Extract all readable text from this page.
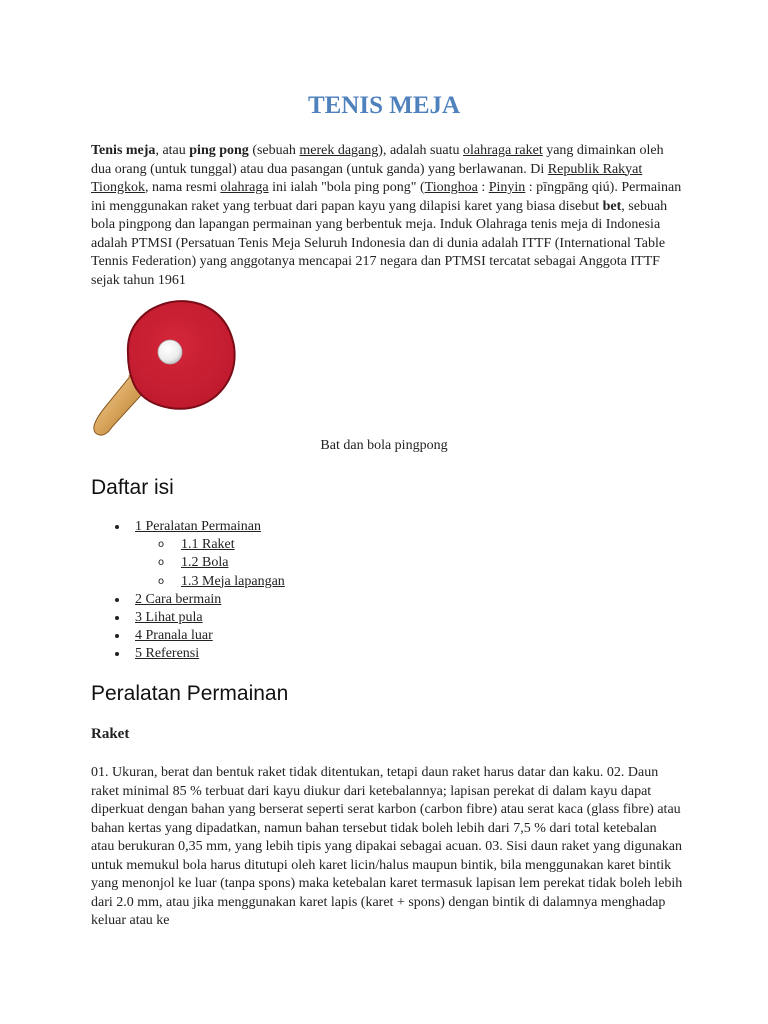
TENIS MEJA

Tenis meja, atau ping pong (sebuah merek dagang), adalah suatu olahraga raket yang dimainkan oleh dua orang (untuk tunggal) atau dua pasangan (untuk ganda) yang berlawanan. Di Republik Rakyat Tiongkok, nama resmi olahraga ini ialah "bola ping pong" (Tionghoa : Pinyin : pīngpāng qiú). Permainan ini menggunakan raket yang terbuat dari papan kayu yang dilapisi karet yang biasa disebut bet, sebuah bola pingpong dan lapangan permainan yang berbentuk meja. Induk Olahraga tenis meja di Indonesia adalah PTMSI (Persatuan Tenis Meja Seluruh Indonesia dan di dunia adalah ITTF (International Table Tennis Federation) yang anggotanya mencapai 217 negara dan PTMSI tercatat sebagai Anggota ITTF sejak tahun 1961

Bat dan bola pingpong
Daftar isi
1 Peralatan Permainan
o 1.1 Raket
o 1.2 Bola
o 1.3 Meja lapangan
2 Cara bermain
3 Lihat pula
4 Pranala luar
5 Referensi
Peralatan Permainan
Raket

01. Ukuran, berat dan bentuk raket tidak ditentukan, tetapi daun raket harus datar dan kaku. 02. Daun raket minimal 85 % terbuat dari kayu diukur dari ketebalannya; lapisan perekat di dalam kayu dapat diperkuat dengan bahan yang berserat seperti serat karbon (carbon fibre) atau serat kaca (glass fibre) atau bahan kertas yang dipadatkan, namun bahan tersebut tidak boleh lebih dari 7,5 % dari total ketebalan atau berukuran 0,35 mm, yang lebih tipis yang dipakai sebagai acuan. 03. Sisi daun raket yang digunakan untuk memukul bola harus ditutupi oleh karet licin/halus maupun bintik, bila menggunakan karet bintik yang menonjol ke luar (tanpa spons) maka ketebalan karet termasuk lapisan lem perekat tidak boleh lebih dari 2.0 mm, atau jika menggunakan karet lapis (karet + spons) dengan bintik di dalamnya menghadap keluar atau ke
